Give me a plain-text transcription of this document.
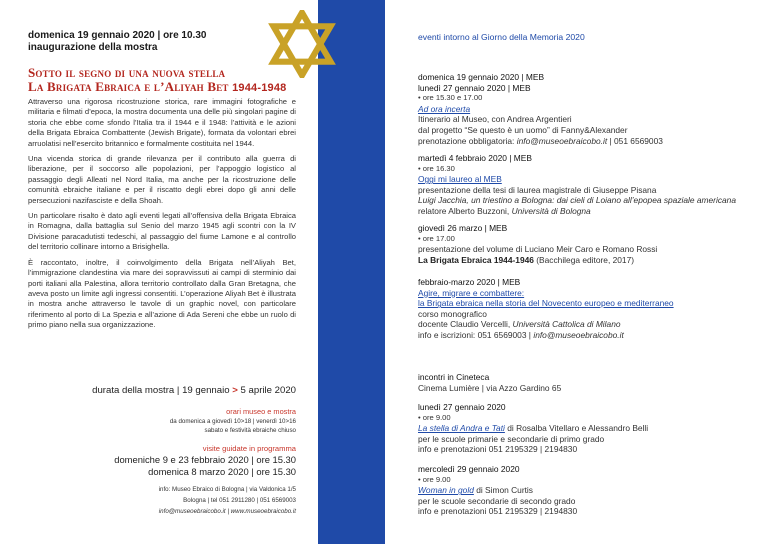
domenica 19 gennaio 2020 | ore 10.30
inaugurazione della mostra
Sotto il segno di una nuova stella
La Brigata Ebraica e l’Aliyah Bet 1944-1948

Attraverso una rigorosa ricostruzione storica, rare immagini fotografiche e militaria e filmati d’epoca, la mostra documenta una delle più singolari pagine di storia che ebbe come sfondo l’Italia tra il 1944 e il 1948: l’attività e le azioni della Brigata Ebraica Combattente (Jewish Brigate), formata da volontari ebrei arruolatisi nell’esercito britannico e formalmente costituita nel 1944.

Una vicenda storica di grande rilevanza per il contributo alla guerra di liberazione, per il soccorso alle popolazioni, per l’appoggio logistico al passaggio degli Alleati nel Nord Italia, ma anche per la ricostruzione delle comunità ebraiche italiane e per il riscatto degli ebrei dopo gli anni delle persecuzioni nazifasciste e della Shoah.

Un particolare risalto è dato agli eventi legati all’offensiva della Brigata Ebraica in Romagna, dalla battaglia sul Senio del marzo 1945 agli scontri con la IV Divisione paracadutisti tedeschi, al passaggio del fiume Lamone e al controllo del territorio collinare intorno a Brisighella.

È raccontato, inoltre, il coinvolgimento della Brigata nell’Aliyah Bet, l’immigrazione clandestina via mare dei sopravvissuti ai campi di sterminio dai porti italiani alla Palestina, allora territorio controllato dalla Gran Bretagna, che aveva posto un limite agli ingressi consentiti. L’operazione Aliyah Bet è illustrata in mostra anche attraverso le tavole di un graphic novel, con particolare riferimento al porto di La Spezia e all’azione di Ada Sereni che ebbe un ruolo di primo piano nella sua organizzazione.

durata della mostra | 19 gennaio > 5 aprile 2020
orari museo e mostra
da domenica a giovedì 10>18 | venerdì 10>16
sabato e festività ebraiche chiuso
visite guidate in programma
domeniche 9 e 23 febbraio 2020 | ore 15.30
domenica 8 marzo 2020 | ore 15.30
info: Museo Ebraico di Bologna | via Valdonica 1/5
Bologna | tel 051 2911280 | 051 6569003
info@museoebraicobo.it | www.museoebraicobo.it
eventi intorno al Giorno della Memoria 2020
domenica 19 gennaio 2020 | MEB
lunedì 27 gennaio 2020 | MEB
• ore 15.30 e 17.00
Ad ora incerta
Itinerario al Museo, con Andrea Argentieri
dal progetto “Se questo è un uomo” di Fanny&Alexander
prenotazione obbligatoria: info@museoebraicobo.it | 051 6569003
martedì 4 febbraio 2020 | MEB
• ore 16.30
Oggi mi laureo al MEB
presentazione della tesi di laurea magistrale di Giuseppe Pisana
Luigi Jacchia, un triestino a Bologna: dai cieli di Loiano all’epopea spaziale americana
relatore Alberto Buzzoni, Università di Bologna
giovedì 26 marzo | MEB
• ore 17.00
presentazione del volume di Luciano Meir Caro e Romano Rossi
La Brigata Ebraica 1944-1946 (Bacchilega editore, 2017)
febbraio-marzo 2020 | MEB
Agire, migrare e combattere:
la Brigata ebraica nella storia del Novecento europeo e mediterraneo
corso monografico
docente Claudio Vercelli, Università Cattolica di Milano
info e iscrizioni: 051 6569003 | info@museoebraicobo.it
incontri in Cineteca
Cinema Lumière | via Azzo Gardino 65
lunedì 27 gennaio 2020
• ore 9.00
La stella di Andra e Tati di Rosalba Vitellaro e Alessandro Belli
per le scuole primarie e secondarie di primo grado
info e prenotazioni 051 2195329 | 2194830
mercoledì 29 gennaio 2020
• ore 9.00
Woman in gold di Simon Curtis
per le scuole secondarie di secondo grado
info e prenotazioni 051 2195329 | 2194830
